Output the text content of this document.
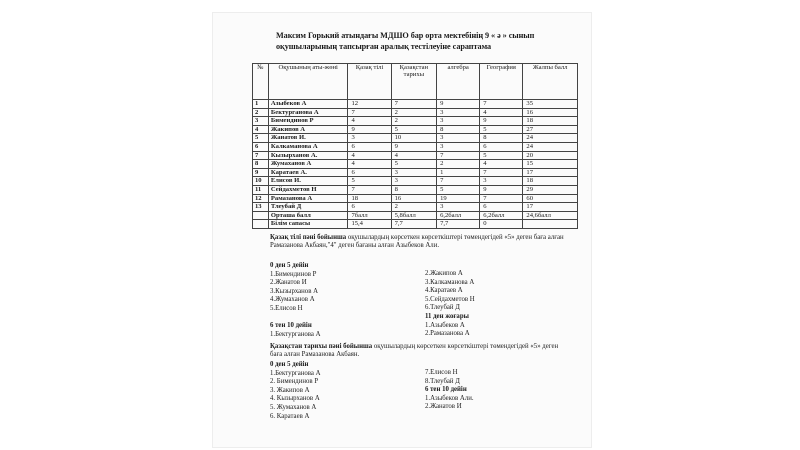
Максим Горький атындағы МДШО бар орта мектебінің 9 « ә » сынып оқушыларының тапсырған аралық тестілеуіне сараптама
№	Оқушының аты-жөні	Қазақ тілі	Қазақстан тарихы	алгебра	География	Жалпы балл
1	Азыбеков А	12	7	9	7	35
2	Бектурганова А	7	2	3	4	16
3	Бимендинов Р	4	2	3	9	18
4	Жакипов А	9	5	8	5	27
5	Жанатов И.	3	10	3	8	24
6	Калкаманова А	6	9	3	6	24
7	Кызырханов А.	4	4	7	5	20
8	Жумаханов А	4	5	2	4	15
9	Каратаев А.	6	3	1	7	17
10	Елисов И.	5	3	7	3	18
11	Сейдахметов Н	7	8	5	9	29
12	Рамазанова А	18	16	19	7	60
13	Тлеубай Д	6	2	3	6	17
	Орташа балл	7балл	5,8балл	6,2балл	6,2балл	24,6балл
	Білім сапасы	15,4	7,7	7,7	0	
Қазақ тілі пәні бойынша оқушылардың көрсеткен көрсеткіштері төмендегідей «5» деген баға алған Рамазанова Акбаян,"4" деген бағаны алған Азыбеков Али.
0 ден 5 дейін
1.Бимендинов Р
2.Жанатов И
3.Кызырханов А
4.Жумаханов А
5.Елисов Н
2.Жакипов А
3.Калкаманова А
4.Каратаев А
5.Сейдахметов Н
6.Тлеубай Д
6 тен 10 дейін
1.Бектурганова А
11 ден жоғары
1.Азыбеков А
2.Рамазанова А
Қазақстан тарихы пәні бойынша оқушылардың көрсеткен көрсеткіштері төмендегідей «5» деген баға алған Рамазанова Акбаян.
0 ден 5 дейін
1.Бектурганова А
2. Бимендинов Р
3. Жакипов А
4. Кызырханов А
5. Жумаханов А
6. Каратаев А
7.Елисов Н
8.Тлеубай Д
6 тен 10 дейін
1.Азыбеков Али.
2.Жанатов И
